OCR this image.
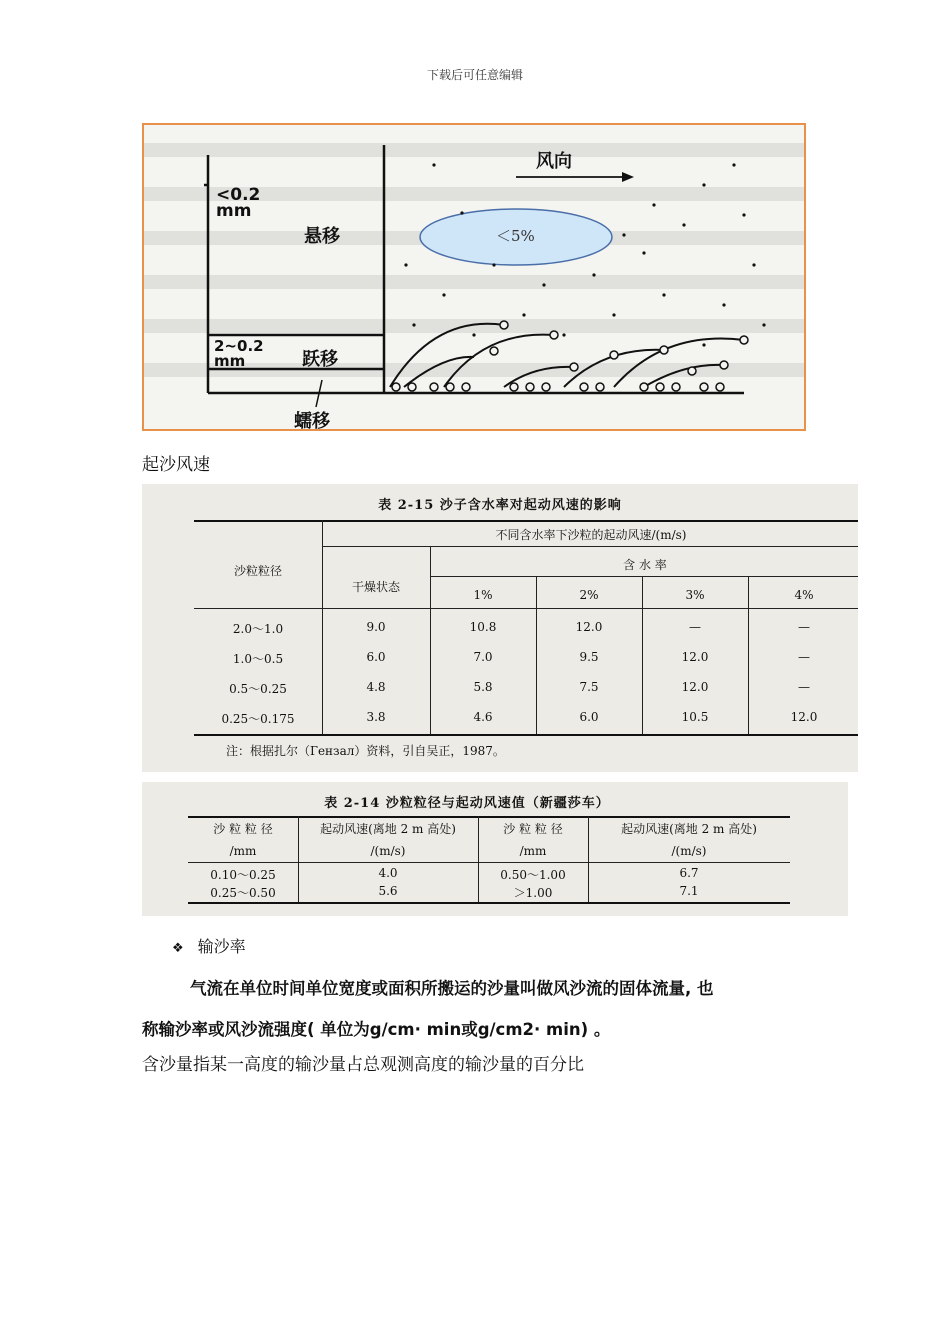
下载后可任意编辑
<0.2
mm
悬移
2~0.2
mm	跃移
蠕移
风向
＜5%
起沙风速
表 2-15 沙子含水率对起动风速的影响
不同含水率下沙粒的起动风速/(m/s)
沙粒粒径
干燥状态
含 水 率
1%	2%	3%	4%
2.0～1.0	9.0	10.8	12.0	—	—
1.0～0.5	6.0	7.0	9.5	12.0	—
0.5～0.25	4.8	5.8	7.5	12.0	—
0.25～0.175	3.8	4.6	6.0	10.5	12.0
注：根据扎尔（Гензал）资料，引自吴正，1987。
表 2-14 沙粒粒径与起动风速值（新疆莎车）
沙 粒 粒 径	起动风速(离地 2 m 高处)	沙 粒 粒 径	起动风速(离地 2 m 高处)
/mm	/(m/s)	/mm	/(m/s)
0.10～0.25	4.0	0.50～1.00	6.7
0.25～0.50	5.6	＞1.00	7.1
❖ 输沙率
气流在单位时间单位宽度或面积所搬运的沙量叫做风沙流的固体流量, 也
称输沙率或风沙流强度( 单位为g/cm· min或g/cm2· min) 。
含沙量指某一高度的输沙量占总观测高度的输沙量的百分比
